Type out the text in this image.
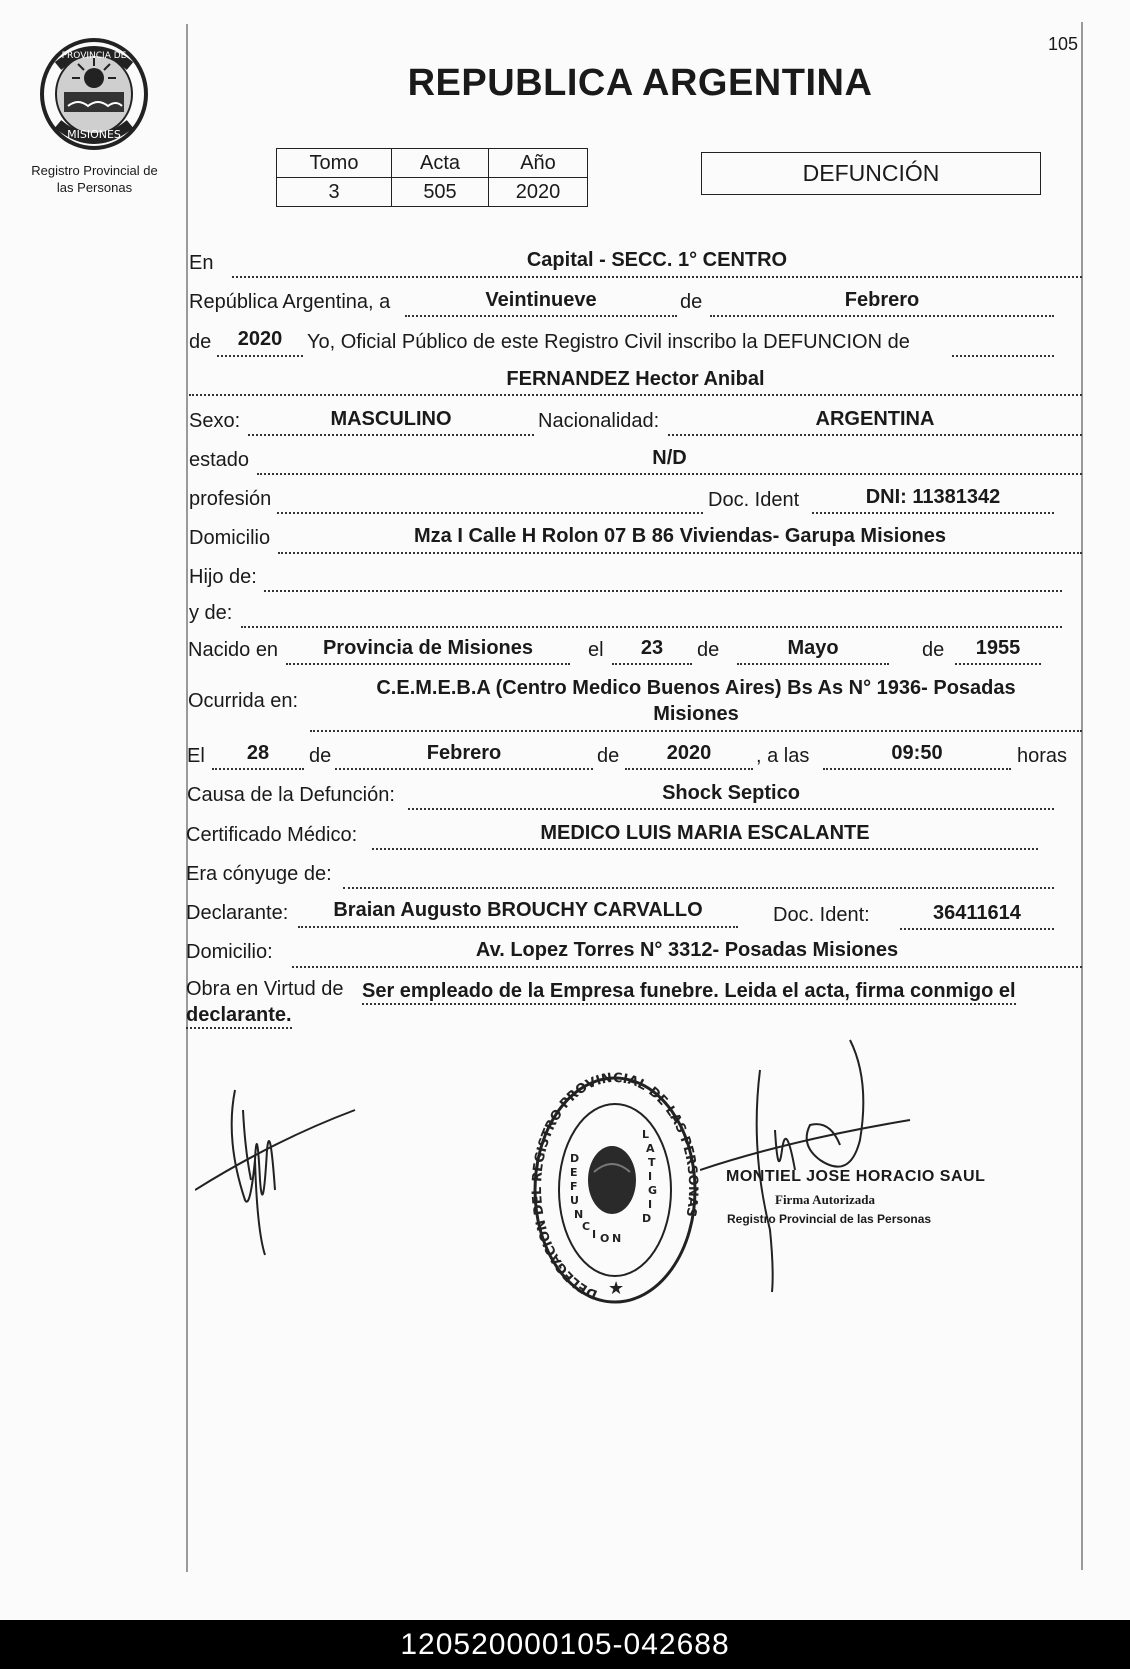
PROVINCIA DE
MISIONES
Registro Provincial de
las Personas
105
REPUBLICA ARGENTINA
Tomo	Acta	Año
3	505	2020
DEFUNCIÓN
En	Capital - SECC. 1° CENTRO
República Argentina, a	Veintinueve	de	Febrero
de	2020	Yo, Oficial Público de este Registro Civil inscribo la DEFUNCION de
FERNANDEZ Hector Anibal
Sexo:	MASCULINO	Nacionalidad:	ARGENTINA
estado	N/D
profesión	Doc. Ident	DNI: 11381342
Domicilio	Mza I Calle H Rolon 07 B 86 Viviendas- Garupa Misiones
Hijo de:
y de:
Nacido en	Provincia de Misiones	el	23	de	Mayo	de	1955
Ocurrida en:
C.E.M.E.B.A (Centro Medico Buenos Aires) Bs As N° 1936- Posadas
Misiones
El	28	de	Febrero	de	2020	, a las	09:50	horas
Causa de la Defunción:	Shock Septico
Certificado Médico:	MEDICO LUIS MARIA ESCALANTE
Era cónyuge de:
Declarante:	Braian Augusto BROUCHY CARVALLO	Doc. Ident:	36411614
Domicilio:	Av. Lopez Torres N° 3312- Posadas Misiones
Obra en Virtud de Ser empleado de la Empresa funebre. Leida el acta, firma conmigo el
declarante.
DELEGACION DEL REGISTRO PROVINCIAL DE LAS PERSONAS
D
E
F
U
N
C
I O N
D
I
G
I
T
A
L
★
MONTIEL JOSE HORACIO SAUL
Firma Autorizada
Registro Provincial de las Personas
120520000105-042688
